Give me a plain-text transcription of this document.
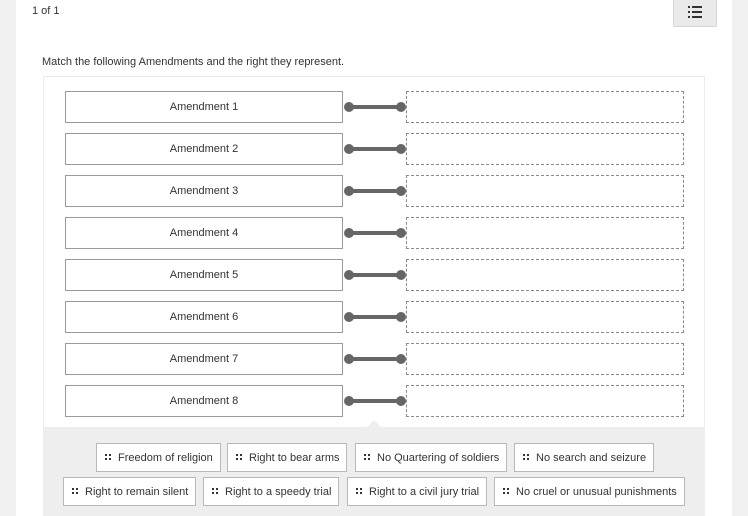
1 of 1
Match the following Amendments and the right they represent.
Amendment 1
Amendment 2
Amendment 3
Amendment 4
Amendment 5
Amendment 6
Amendment 7
Amendment 8
Freedom of religion	Right to bear arms	No Quartering of soldiers	No search and seizure
Right to remain silent	Right to a speedy trial	Right to a civil jury trial	No cruel or unusual punishments
